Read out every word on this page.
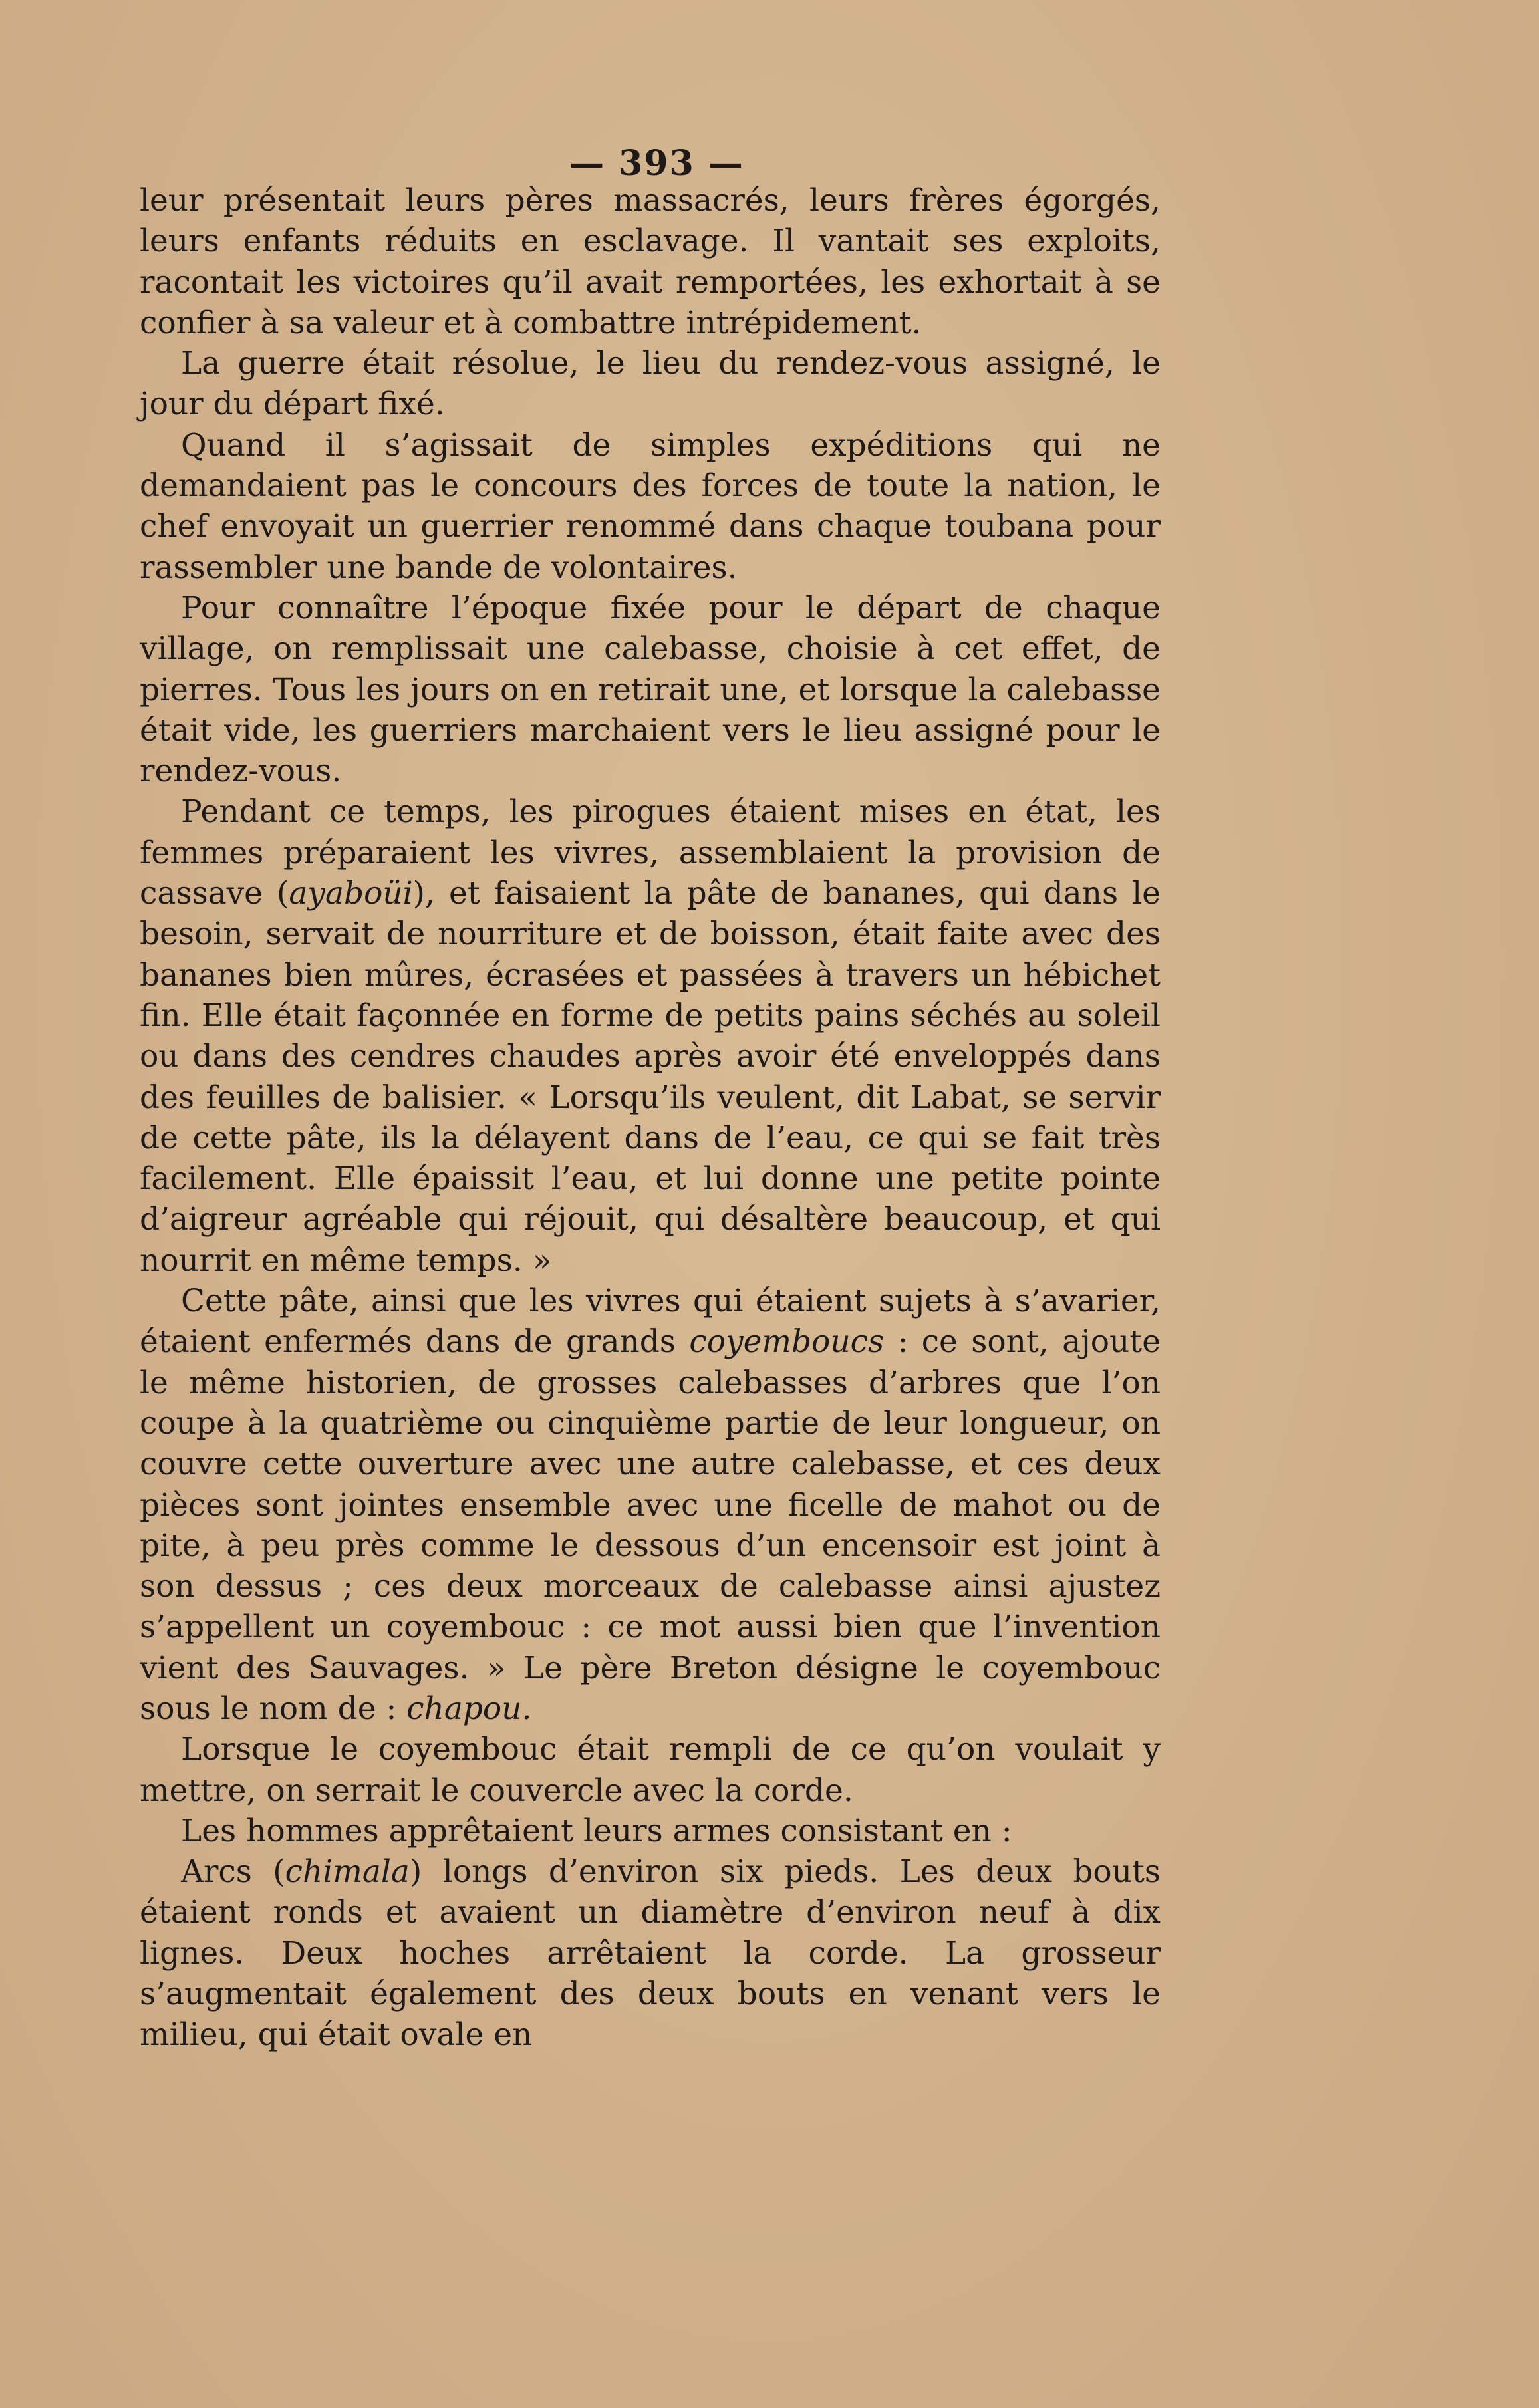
— 393 —

leur présentait leurs pères massacrés, leurs frères égorgés, leurs enfants réduits en esclavage. Il vantait ses exploits, racontait les victoires qu’il avait remportées, les exhortait à se confier à sa valeur et à combattre intrépidement.

La guerre était résolue, le lieu du rendez-vous assigné, le jour du départ fixé.

Quand il s’agissait de simples expéditions qui ne demandaient pas le concours des forces de toute la nation, le chef envoyait un guerrier renommé dans chaque toubana pour rassembler une bande de volontaires.

Pour connaître l’époque fixée pour le départ de chaque village, on remplissait une calebasse, choisie à cet effet, de pierres. Tous les jours on en retirait une, et lorsque la calebasse était vide, les guerriers marchaient vers le lieu assigné pour le rendez-vous.

Pendant ce temps, les pirogues étaient mises en état, les femmes préparaient les vivres, assemblaient la provision de cassave (ayaboüi), et faisaient la pâte de bananes, qui dans le besoin, servait de nourriture et de boisson, était faite avec des bananes bien mûres, écrasées et passées à travers un hébichet fin. Elle était façonnée en forme de petits pains séchés au soleil ou dans des cendres chaudes après avoir été enveloppés dans des feuilles de balisier. « Lorsqu’ils veulent, dit Labat, se servir de cette pâte, ils la délayent dans de l’eau, ce qui se fait très facilement. Elle épaissit l’eau, et lui donne une petite pointe d’aigreur agréable qui réjouit, qui désaltère beaucoup, et qui nourrit en même temps. »

Cette pâte, ainsi que les vivres qui étaient sujets à s’avarier, étaient enfermés dans de grands coyemboucs : ce sont, ajoute le même historien, de grosses calebasses d’arbres que l’on coupe à la quatrième ou cinquième partie de leur longueur, on couvre cette ouverture avec une autre calebasse, et ces deux pièces sont jointes ensemble avec une ficelle de mahot ou de pite, à peu près comme le dessous d’un encensoir est joint à son dessus ; ces deux morceaux de calebasse ainsi ajustez s’appellent un coyembouc : ce mot aussi bien que l’invention vient des Sauvages. » Le père Breton désigne le coyembouc sous le nom de : chapou.

Lorsque le coyembouc était rempli de ce qu’on voulait y mettre, on serrait le couvercle avec la corde.

Les hommes apprêtaient leurs armes consistant en :

Arcs (chimala) longs d’environ six pieds. Les deux bouts étaient ronds et avaient un diamètre d’environ neuf à dix lignes. Deux hoches arrêtaient la corde. La grosseur s’augmentait également des deux bouts en venant vers le milieu, qui était ovale en
